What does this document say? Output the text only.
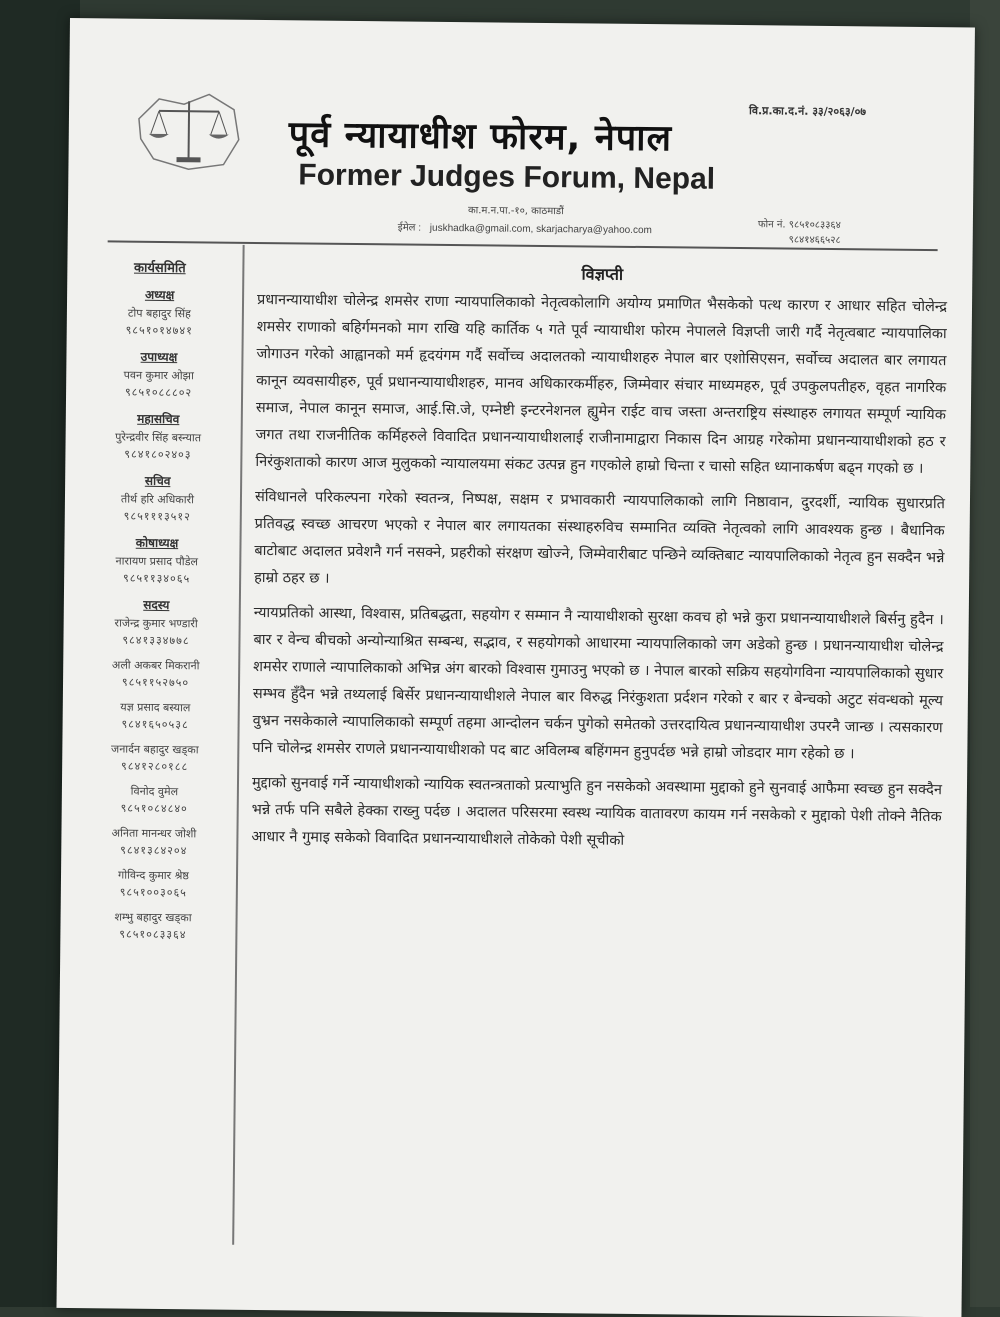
वि.प्र.का.द.नं. ३३/२०६३/०७
पूर्व न्यायाधीश फोरम, नेपाल
Former Judges Forum, Nepal
का.म.न.पा.-१०, काठमाडौं
ईमेल : juskhadka@gmail.com, skarjacharya@yahoo.com	फोन नं. ९८५१०८३३६४
९८४१४६६५२८
कार्यसमिति
अध्यक्ष
टोप बहादुर सिंह
९८५१०१४७४१
उपाध्यक्ष
पवन कुमार ओझा
९८५१०८८८०२
महासचिव
पुरेन्द्रवीर सिंह बस्न्यात
९८४१८०२४०३
सचिव
तीर्थ हरि अधिकारी
९८५१११३५१२
कोषाध्यक्ष
नारायण प्रसाद पौडेल
९८५११३४०६५
सदस्य
राजेन्द्र कुमार भण्डारी
९८४१३३४७७८
अली अकबर मिकरानी
९८५११५२७५०
यज्ञ प्रसाद बस्याल
९८४१६५०५३८
जनार्दन बहादुर खड्का
९८४१२८०१८८
विनोद वुमेल
९८५१०८४८४०
अनिता मानन्धर जोशी
९८४१३८४२०४
गोविन्द कुमार श्रेष्ठ
९८५१००३०६५
शम्भु बहादुर खड्का
९८५१०८३३६४
विज्ञप्ती

प्रधानन्यायाधीश चोलेन्द्र शमसेर राणा न्यायपालिकाको नेतृत्वकोलागि अयोग्य प्रमाणित भैसकेको पत्थ कारण र आधार सहित चोलेन्द्र शमसेर राणाको बहिर्गमनको माग राखि यहि कार्तिक ५ गते पूर्व न्यायाधीश फोरम नेपालले विज्ञप्ती जारी गर्दै नेतृत्वबाट न्यायपालिका जोगाउन गरेको आह्वानको मर्म हृदयंगम गर्दै सर्वोच्च अदालतको न्यायाधीशहरु नेपाल बार एशोसिएसन, सर्वोच्च अदालत बार लगायत कानून व्यवसायीहरु, पूर्व प्रधानन्यायाधीशहरु, मानव अधिकारकर्मीहरु, जिम्मेवार संचार माध्यमहरु, पूर्व उपकुलपतीहरु, वृहत नागरिक समाज, नेपाल कानून समाज, आई.सि.जे, एम्नेष्टी इन्टरनेशनल ह्युमेन राईट वाच जस्ता अन्तराष्ट्रिय संस्थाहरु लगायत सम्पूर्ण न्यायिक जगत तथा राजनीतिक कर्मिहरुले विवादित प्रधानन्यायाधीशलाई राजीनामाद्वारा निकास दिन आग्रह गरेकोमा प्रधानन्यायाधीशको हठ र निरंकुशताको कारण आज मुलुकको न्यायालयमा संकट उत्पन्न हुन गएकोले हाम्रो चिन्ता र चासो सहित ध्यानाकर्षण बढ्न गएको छ ।

संविधानले परिकल्पना गरेको स्वतन्त्र, निष्पक्ष, सक्षम र प्रभावकारी न्यायपालिकाको लागि निष्ठावान, दुरदर्शी, न्यायिक सुधारप्रति प्रतिवद्ध स्वच्छ आचरण भएको र नेपाल बार लगायतका संस्थाहरुविच सम्मानित व्यक्ति नेतृत्वको लागि आवश्यक हुन्छ । बैधानिक बाटोबाट अदालत प्रवेशनै गर्न नसक्ने, प्रहरीको संरक्षण खोज्ने, जिम्मेवारीबाट पन्छिने व्यक्तिबाट न्यायपालिकाको नेतृत्व हुन सक्दैन भन्ने हाम्रो ठहर छ ।

न्यायप्रतिको आस्था, विश्वास, प्रतिबद्धता, सहयोग र सम्मान नै न्यायाधीशको सुरक्षा कवच हो भन्ने कुरा प्रधानन्यायाधीशले बिर्सनु हुदैन । बार र वेन्च बीचको अन्योन्याश्रित सम्बन्ध, सद्भाव, र सहयोगको आधारमा न्यायपालिकाको जग अडेको हुन्छ । प्रधानन्यायाधीश चोलेन्द्र शमसेर राणाले न्यापालिकाको अभिन्न अंग बारको विश्वास गुमाउनु भएको छ । नेपाल बारको सक्रिय सहयोगविना न्यायपालिकाको सुधार सम्भव हुँदैन भन्ने तथ्यलाई बिर्सेर प्रधानन्यायाधीशले नेपाल बार विरुद्ध निरंकुशता प्रर्दशन गरेको र बार र बेन्चको अटुट संवन्धको मूल्य वुभ्रन नसकेकाले न्यापालिकाको सम्पूर्ण तहमा आन्दोलन चर्कन पुगेको समेतको उत्तरदायित्व प्रधानन्यायाधीश उपरनै जान्छ । त्यसकारण पनि चोलेन्द्र शमसेर राणले प्रधानन्यायाधीशको पद बाट अविलम्ब बहिंगमन हुनुपर्दछ भन्ने हाम्रो जोडदार माग रहेको छ ।

मुद्दाको सुनवाई गर्ने न्यायाधीशको न्यायिक स्वतन्त्रताको प्रत्याभुति हुन नसकेको अवस्थामा मुद्दाको हुने सुनवाई आफैमा स्वच्छ हुन सक्दैन भन्ने तर्फ पनि सबैले हेक्का राख्नु पर्दछ । अदालत परिसरमा स्वस्थ न्यायिक वातावरण कायम गर्न नसकेको र मुद्दाको पेशी तोक्ने नैतिक आधार नै गुमाइ सकेको विवादित प्रधानन्यायाधीशले तोकेको पेशी सूचीको
